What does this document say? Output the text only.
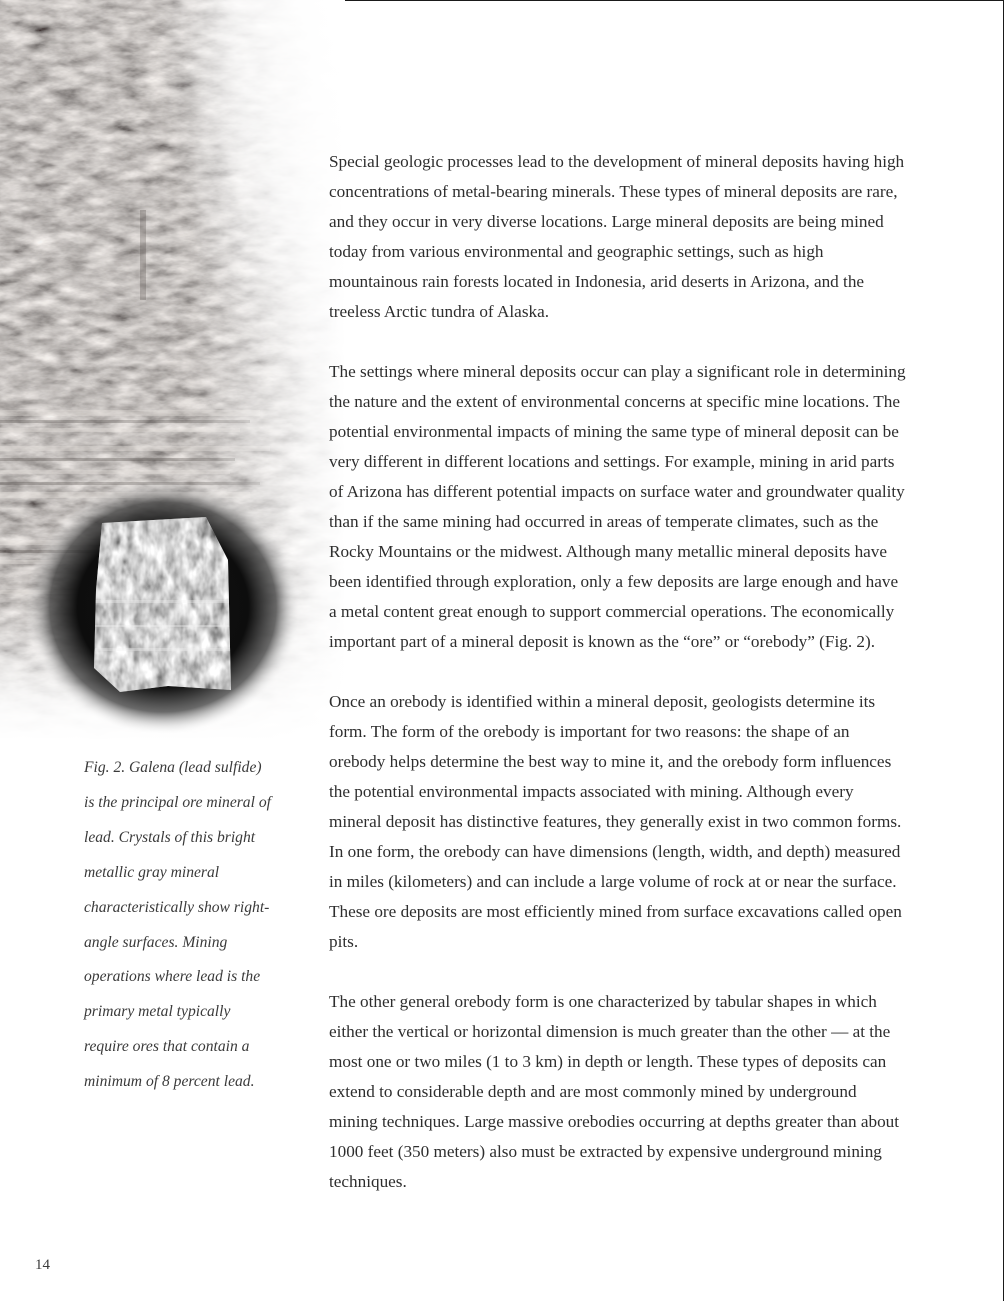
Special geologic processes lead to the development of mineral deposits having high concentrations of metal-bearing minerals. These types of mineral deposits are rare, and they occur in very diverse locations. Large mineral deposits are being mined today from various environmental and geographic settings, such as high mountainous rain forests located in Indonesia, arid deserts in Arizona, and the treeless Arctic tundra of Alaska.

The settings where mineral deposits occur can play a significant role in determining the nature and the extent of environmental concerns at specific mine locations. The potential environmental impacts of mining the same type of mineral deposit can be very different in different locations and settings. For example, mining in arid parts of Arizona has different potential impacts on surface water and groundwater quality than if the same mining had occurred in areas of temperate climates, such as the Rocky Mountains or the midwest. Although many metallic mineral deposits have been identified through exploration, only a few deposits are large enough and have a metal content great enough to support commercial operations. The economically important part of a mineral deposit is known as the “ore” or “orebody” (Fig. 2).

Once an orebody is identified within a mineral deposit, geologists determine its form. The form of the orebody is important for two reasons: the shape of an orebody helps determine the best way to mine it, and the orebody form influences the potential environmental impacts associated with mining. Although every mineral deposit has distinctive features, they generally exist in two common forms. In one form, the orebody can have dimensions (length, width, and depth) measured in miles (kilometers) and can include a large volume of rock at or near the surface. These ore deposits are most efficiently mined from surface excavations called open pits.

The other general orebody form is one characterized by tabular shapes in which either the vertical or horizontal dimension is much greater than the other — at the most one or two miles (1 to 3 km) in depth or length. These types of deposits can extend to considerable depth and are most commonly mined by underground mining techniques. Large massive orebodies occurring at depths greater than about 1000 feet (350 meters) also must be extracted by expensive underground mining techniques.

Fig. 2. Galena (lead sulfide) is the principal ore mineral of lead. Crystals of this bright metallic gray mineral characteristically show right-angle surfaces. Mining operations where lead is the primary metal typically require ores that contain a minimum of 8 percent lead.
14
